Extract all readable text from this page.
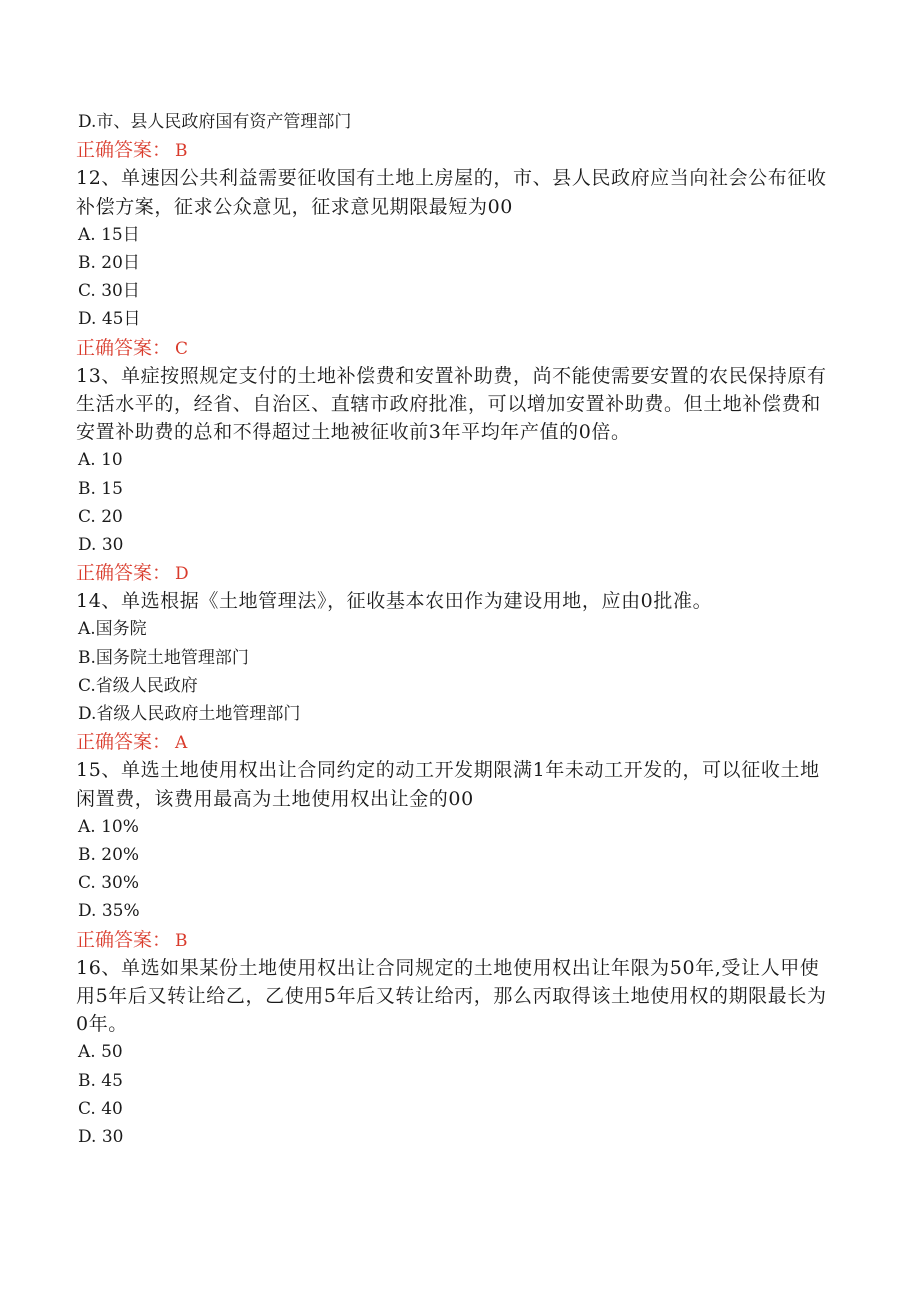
D.市、县人民政府国有资产管理部门
正确答案： B
12、单速因公共利益需要征收国有土地上房屋的，市、县人民政府应当向社会公布征收补偿方案，征求公众意见，征求意见期限最短为00
A. 15日
B. 20日
C. 30日
D. 45日
正确答案： C
13、单症按照规定支付的土地补偿费和安置补助费，尚不能使需要安置的农民保持原有生活水平的，经省、自治区、直辖市政府批准，可以增加安置补助费。但土地补偿费和安置补助费的总和不得超过土地被征收前3年平均年产值的0倍。
A. 10
B. 15
C. 20
D. 30
正确答案： D
14、单选根据《土地管理法》，征收基本农田作为建设用地，应由0批准。
A.国务院
B.国务院土地管理部门
C.省级人民政府
D.省级人民政府土地管理部门
正确答案： A
15、单选土地使用权出让合同约定的动工开发期限满1年未动工开发的，可以征收土地闲置费，该费用最高为土地使用权出让金的00
A. 10%
B. 20%
C. 30%
D. 35%
正确答案： B
16、单选如果某份土地使用权出让合同规定的土地使用权出让年限为50年,受让人甲使用5年后又转让给乙，乙使用5年后又转让给丙，那么丙取得该土地使用权的期限最长为0年。
A. 50
B. 45
C. 40
D. 30
